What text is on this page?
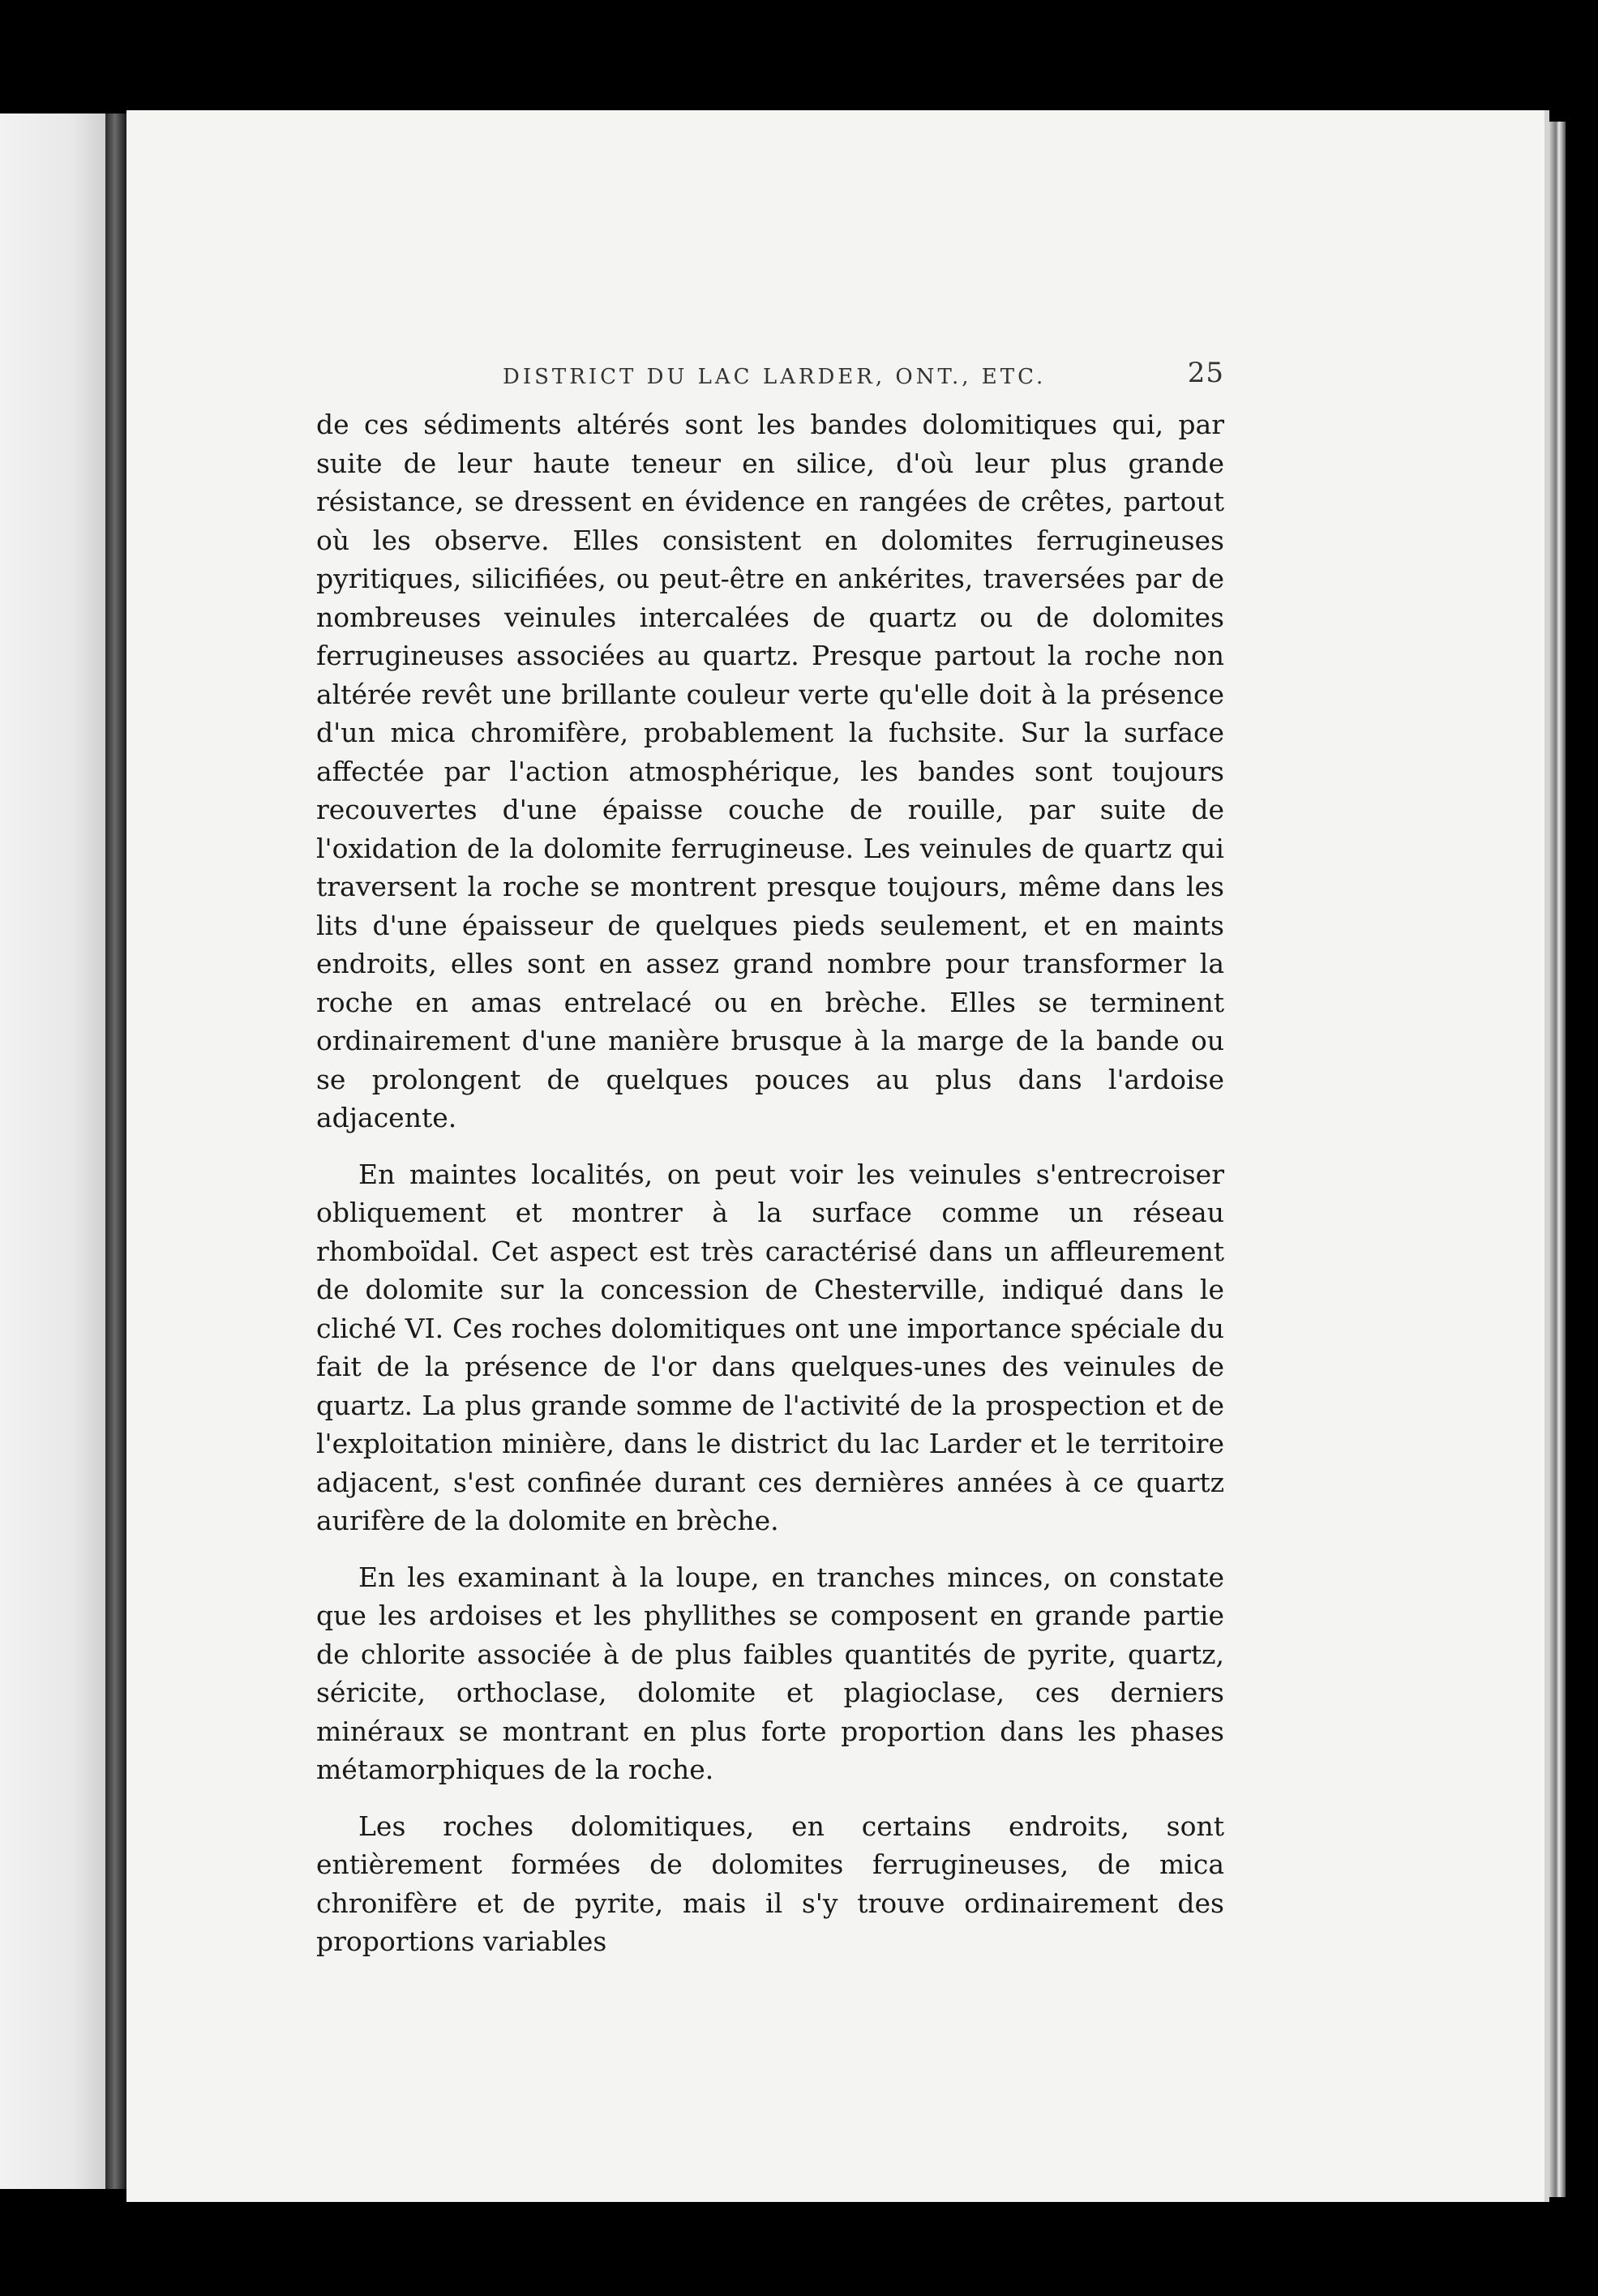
DISTRICT DU LAC LARDER, ONT., ETC.	25

de ces sédiments altérés sont les bandes dolomitiques qui, par suite de leur haute teneur en silice, d'où leur plus grande résistance, se dressent en évidence en rangées de crêtes, partout où les observe. Elles consistent en dolomites ferrugineuses pyritiques, silicifiées, ou peut-être en ankérites, traversées par de nombreuses veinules intercalées de quartz ou de dolomites ferrugineuses associées au quartz. Presque partout la roche non altérée revêt une brillante couleur verte qu'elle doit à la présence d'un mica chromifère, probablement la fuchsite. Sur la surface affectée par l'action atmosphérique, les bandes sont toujours recouvertes d'une épaisse couche de rouille, par suite de l'oxidation de la dolomite ferrugineuse. Les veinules de quartz qui traversent la roche se montrent presque toujours, même dans les lits d'une épaisseur de quelques pieds seulement, et en maints endroits, elles sont en assez grand nombre pour transformer la roche en amas entrelacé ou en brèche. Elles se terminent ordinairement d'une manière brusque à la marge de la bande ou se prolongent de quelques pouces au plus dans l'ardoise adjacente.

En maintes localités, on peut voir les veinules s'entrecroiser obliquement et montrer à la surface comme un réseau rhomboïdal. Cet aspect est très caractérisé dans un affleurement de dolomite sur la concession de Chesterville, indiqué dans le cliché VI. Ces roches dolomitiques ont une importance spéciale du fait de la présence de l'or dans quelques-unes des veinules de quartz. La plus grande somme de l'activité de la prospection et de l'exploitation minière, dans le district du lac Larder et le territoire adjacent, s'est confinée durant ces dernières années à ce quartz aurifère de la dolomite en brèche.

En les examinant à la loupe, en tranches minces, on constate que les ardoises et les phyllithes se composent en grande partie de chlorite associée à de plus faibles quantités de pyrite, quartz, séricite, orthoclase, dolomite et plagioclase, ces derniers minéraux se montrant en plus forte proportion dans les phases métamorphiques de la roche.

Les roches dolomitiques, en certains endroits, sont entièrement formées de dolomites ferrugineuses, de mica chronifère et de pyrite, mais il s'y trouve ordinairement des proportions variables
